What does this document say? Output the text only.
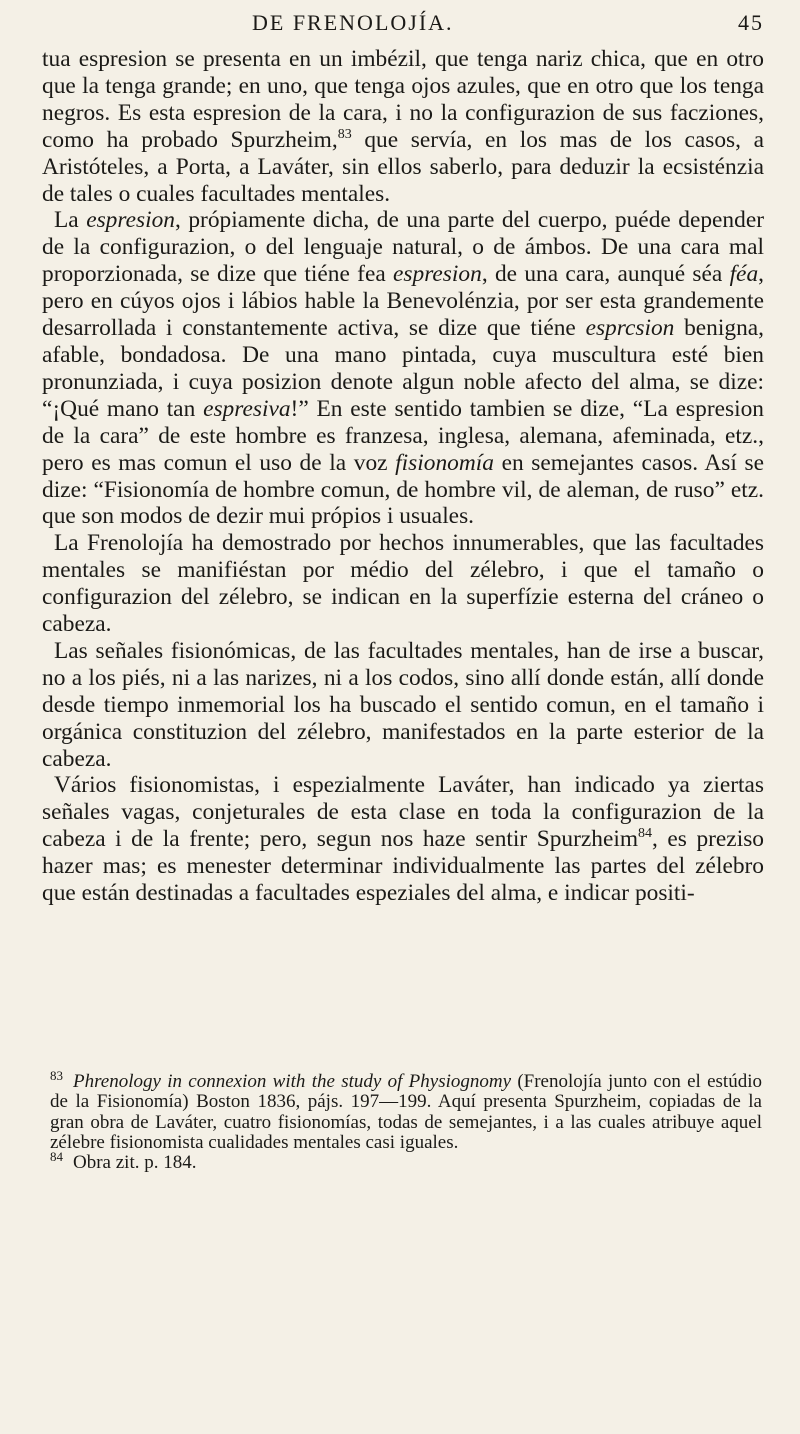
DE FRENOLOJÍA.	45

tua espresion se presenta en un imbézil, que tenga nariz chica, que en otro que la tenga grande; en uno, que tenga ojos azules, que en otro que los tenga negros. Es esta espresion de la cara, i no la configurazion de sus facziones, como ha probado Spurzheim,$^{83}$ que servía, en los mas de los casos, a Aristóteles, a Porta, a Laváter, sin ellos saberlo, para deduzir la ecsisténzia de tales o cuales facultades mentales.

La espresion, própiamente dicha, de una parte del cuerpo, puéde depender de la configurazion, o del lenguaje natural, o de ámbos. De una cara mal proporzionada, se dize que tiéne fea espresion, de una cara, aunqué séa féa, pero en cúyos ojos i lábios hable la Benevolénzia, por ser esta grandemente desarrollada i constantemente activa, se dize que tiéne esprcsion benigna, afable, bondadosa. De una mano pintada, cuya muscultura esté bien pronunziada, i cuya posizion denote algun noble afecto del alma, se dize: “¡Qué mano tan espresiva!” En este sentido tambien se dize, “La espresion de la cara” de este hombre es franzesa, inglesa, alemana, afeminada, etz., pero es mas comun el uso de la voz fisionomía en semejantes casos. Así se dize: “Fisionomía de hombre comun, de hombre vil, de aleman, de ruso” etz. que son modos de dezir mui própios i usuales.

La Frenolojía ha demostrado por hechos innumerables, que las facultades mentales se manifiéstan por médio del zélebro, i que el tamaño o configurazion del zélebro, se indican en la superfízie esterna del cráneo o cabeza.

Las señales fisionómicas, de las facultades mentales, han de irse a buscar, no a los piés, ni a las narizes, ni a los codos, sino allí donde están, allí donde desde tiempo inmemorial los ha buscado el sentido comun, en el tamaño i orgánica constituzion del zélebro, manifestados en la parte esterior de la cabeza.

Vários fisionomistas, i espezialmente Laváter, han indicado ya ziertas señales vagas, conjeturales de esta clase en toda la configurazion de la cabeza i de la frente; pero, segun nos haze sentir Spurzheim$^{84}$, es preziso hazer mas; es menester determinar individualmente las partes del zélebro que están destinadas a facultades espeziales del alma, e indicar positi-

$^{83}$ Phrenology in connexion with the study of Physiognomy (Frenolojía junto con el estúdio de la Fisionomía) Boston 1836, pájs. 197—199. Aquí presenta Spurzheim, copiadas de la gran obra de Laváter, cuatro fisionomías, todas de semejantes, i a las cuales atribuye aquel zélebre fisionomista cualidades mentales casi iguales.

$^{84}$ Obra zit. p. 184.
